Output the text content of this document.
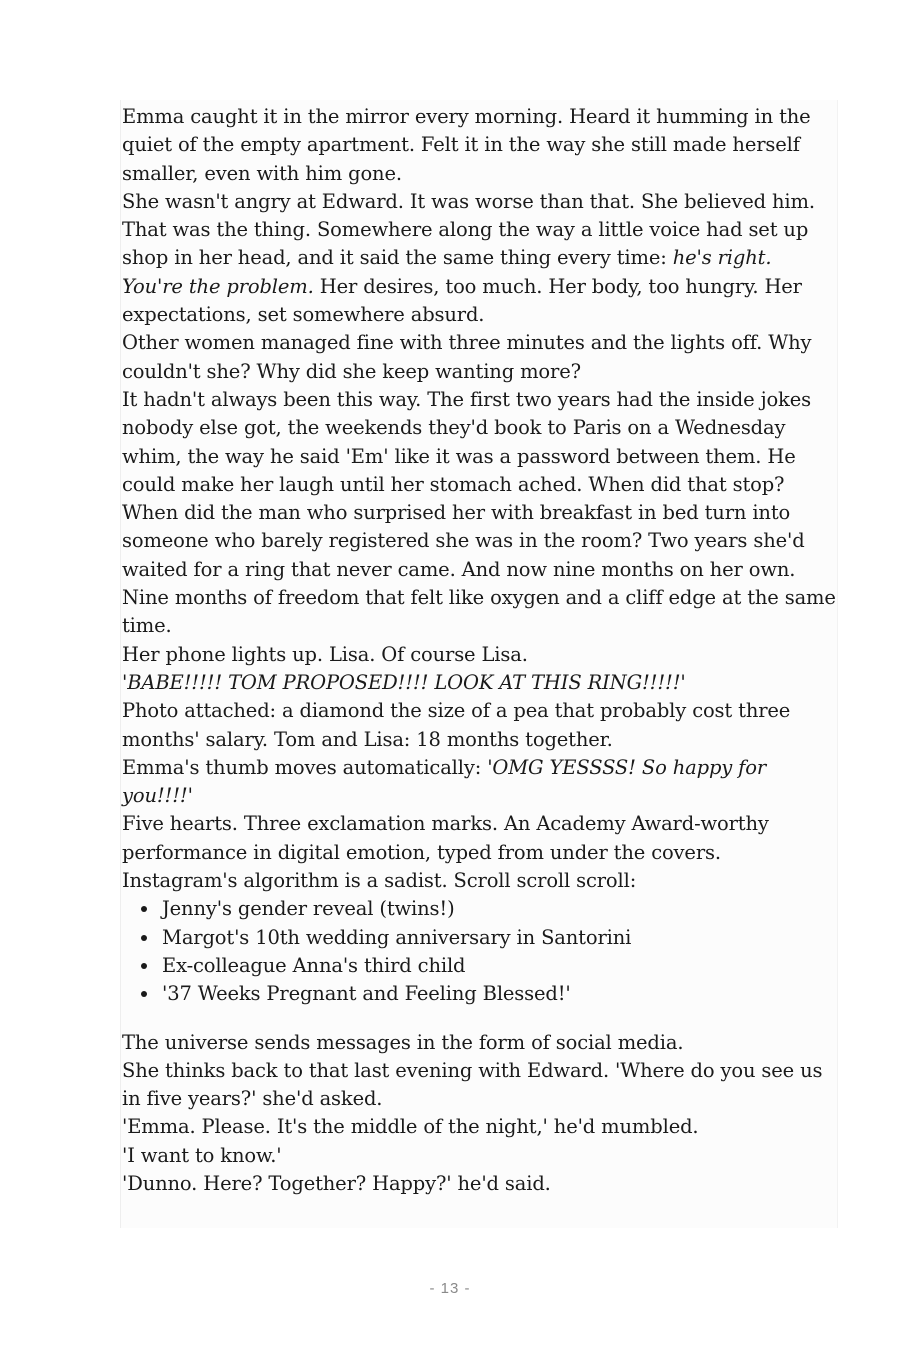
Emma caught it in the mirror every morning. Heard it humming in the quiet of the empty apartment. Felt it in the way she still made herself smaller, even with him gone.

She wasn't angry at Edward. It was worse than that. She believed him. That was the thing. Somewhere along the way a little voice had set up shop in her head, and it said the same thing every time: he's right. You're the problem. Her desires, too much. Her body, too hungry. Her expectations, set somewhere absurd.

Other women managed fine with three minutes and the lights off. Why couldn't she? Why did she keep wanting more?

It hadn't always been this way. The first two years had the inside jokes nobody else got, the weekends they'd book to Paris on a Wednesday whim, the way he said 'Em' like it was a password between them. He could make her laugh until her stomach ached. When did that stop? When did the man who surprised her with breakfast in bed turn into someone who barely registered she was in the room? Two years she'd waited for a ring that never came. And now nine months on her own. Nine months of freedom that felt like oxygen and a cliff edge at the same time.

Her phone lights up. Lisa. Of course Lisa.

'BABE!!!!! TOM PROPOSED!!!! LOOK AT THIS RING!!!!!'

Photo attached: a diamond the size of a pea that probably cost three months' salary. Tom and Lisa: 18 months together.

Emma's thumb moves automatically: 'OMG YESSSS! So happy for you!!!!'

Five hearts. Three exclamation marks. An Academy Award-worthy performance in digital emotion, typed from under the covers.

Instagram's algorithm is a sadist. Scroll scroll scroll:

• Jenny's gender reveal (twins!)
• Margot's 10th wedding anniversary in Santorini
• Ex-colleague Anna's third child
• '37 Weeks Pregnant and Feeling Blessed!'

The universe sends messages in the form of social media.

She thinks back to that last evening with Edward. 'Where do you see us in five years?' she'd asked.

'Emma. Please. It's the middle of the night,' he'd mumbled.

'I want to know.'

'Dunno. Here? Together? Happy?' he'd said.

- 13 -
